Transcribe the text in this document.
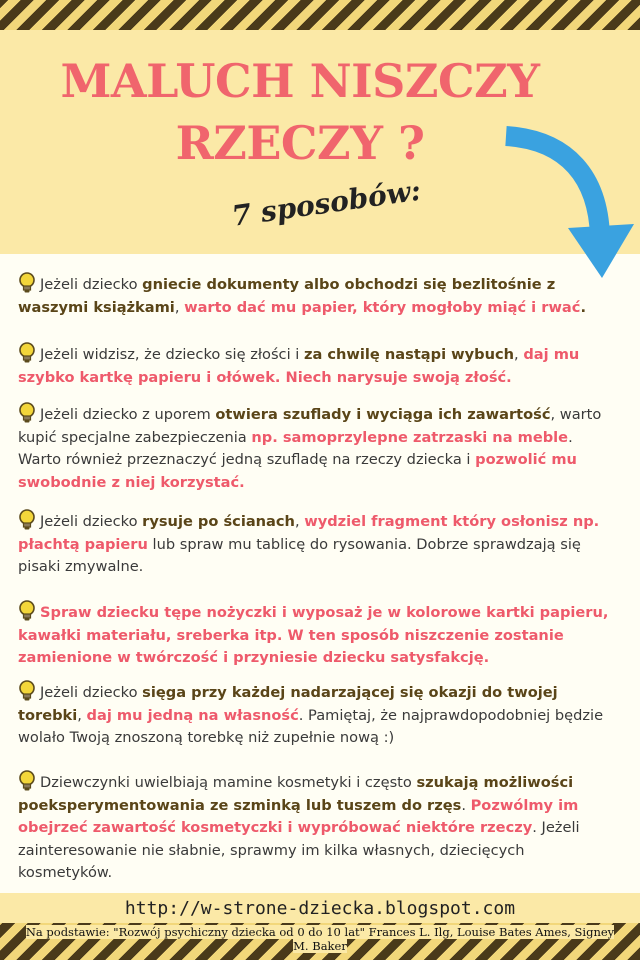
MALUCH NISZCZY
RZECZY ?
7 sposobów:
Jeżeli dziecko gniecie dokumenty albo obchodzi się bezlitośnie z waszymi książkami, warto dać mu papier, który mogłoby miąć i rwać.
Jeżeli widzisz, że dziecko się złości i za chwilę nastąpi wybuch, daj mu szybko kartkę papieru i ołówek. Niech narysuje swoją złość.
Jeżeli dziecko z uporem otwiera szuflady i wyciąga ich zawartość, warto kupić specjalne zabezpieczenia np. samoprzylepne zatrzaski na meble. Warto również przeznaczyć jedną szufladę na rzeczy dziecka i pozwolić mu swobodnie z niej korzystać.
Jeżeli dziecko rysuje po ścianach, wydziel fragment który osłonisz np. płachtą papieru lub spraw mu tablicę do rysowania. Dobrze sprawdzają się pisaki zmywalne.
Spraw dziecku tępe nożyczki i wyposaż je w kolorowe kartki papieru, kawałki materiału, sreberka itp. W ten sposób niszczenie zostanie zamienione w twórczość i przyniesie dziecku satysfakcję.
Jeżeli dziecko sięga przy każdej nadarzającej się okazji do twojej torebki, daj mu jedną na własność. Pamiętaj, że najprawdopodobniej będzie wolało Twoją znoszoną torebkę niż zupełnie nową :)
Dziewczynki uwielbiają mamine kosmetyki i często szukają możliwości poeksperymentowania ze szminką lub tuszem do rzęs. Pozwólmy im obejrzeć zawartość kosmetyczki i wypróbować niektóre rzeczy. Jeżeli zainteresowanie nie słabnie, sprawmy im kilka własnych, dziecięcych kosmetyków.
http://w-strone-dziecka.blogspot.com
Na podstawie: "Rozwój psychiczny dziecka od 0 do 10 lat" Frances L. Ilg, Louise Bates Ames, Signey M. Baker
